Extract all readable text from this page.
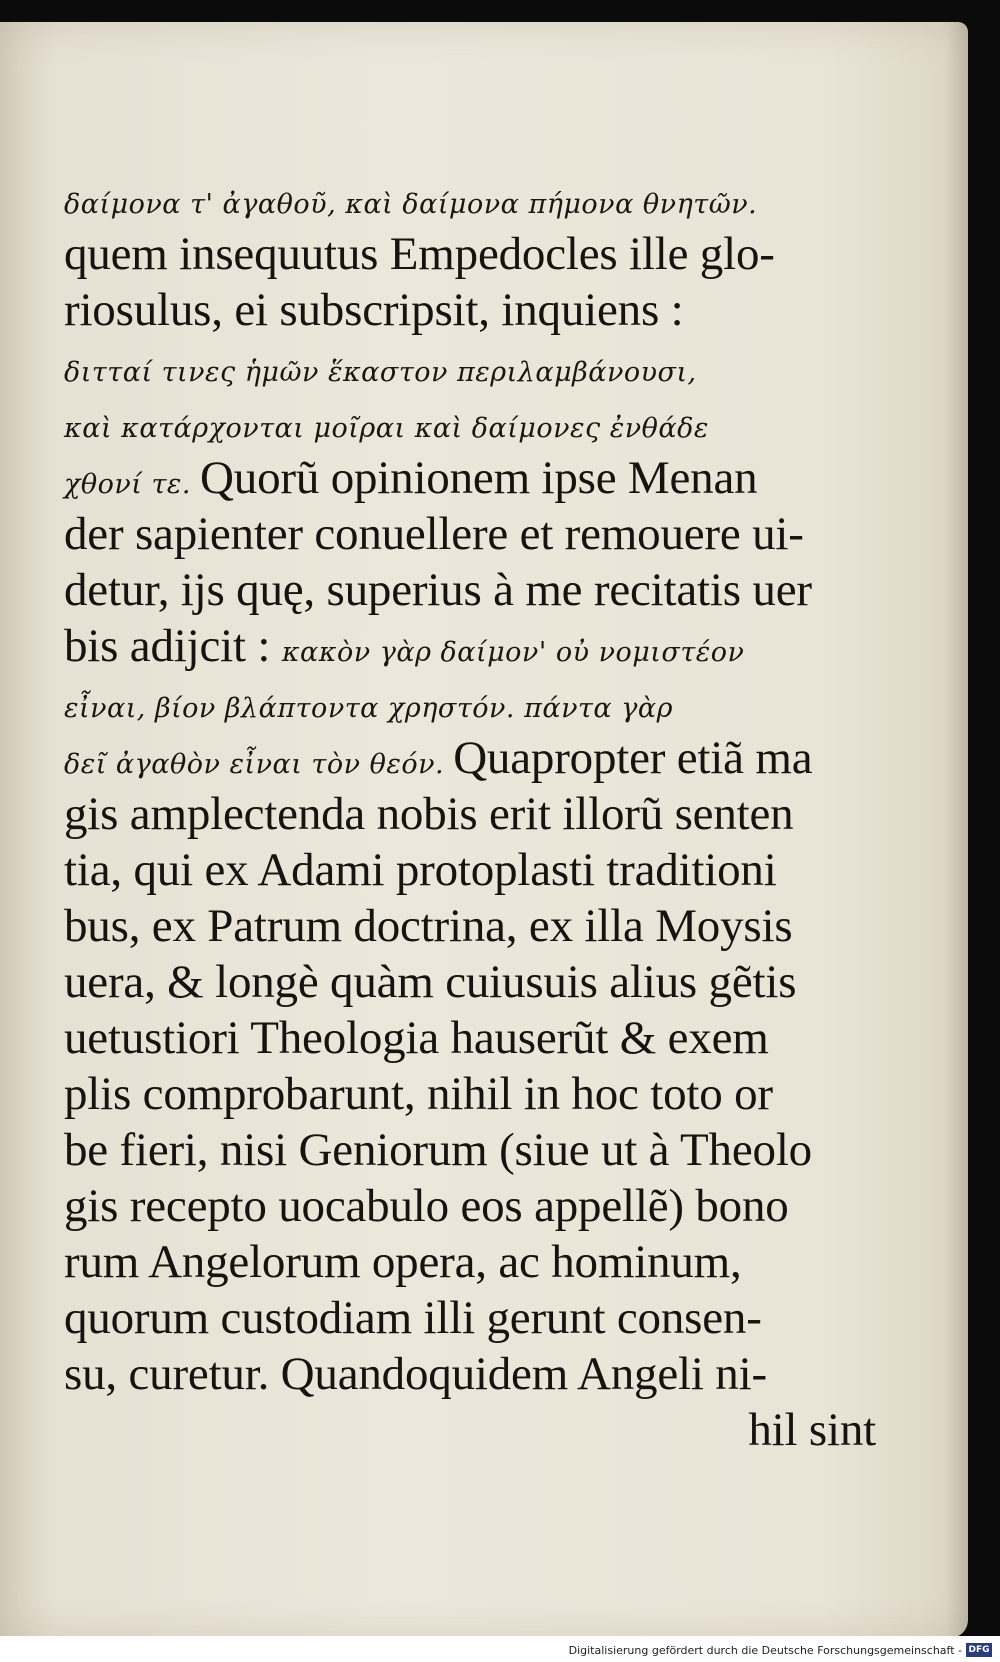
δαίμονα τ' ἀγαθοῦ, καὶ δαίμονα πήμονα θνητῶν.
quem insequutus Empedocles ille glo-
riosulus, ei subscripsit, inquiens :
διτταί τινες ἡμῶν ἕκαστον περιλαμβάνουσι,
καὶ κατάρχονται μοῖραι καὶ δαίμονες ἐνθάδε
χθονί τε. Quorũ opinionem ipse Menan
der sapienter conuellere et remouere ui-
detur, ijs quę, superius à me recitatis uer
bis adijcit : κακὸν γὰρ δαίμον' οὐ νομιστέον
εἶναι, βίον βλάπτοντα χρηστόν. πάντα γὰρ
δεῖ ἀγαθὸν εἶναι τὸν θεόν. Quapropter etiã ma
gis amplectenda nobis erit illorũ senten
tia, qui ex Adami protoplasti traditioni
bus, ex Patrum doctrina, ex illa Moysis
uera, & longè quàm cuiusuis alius gẽtis
uetustiori Theologia hauserũt & exem
plis comprobarunt, nihil in hoc toto or
be fieri, nisi Geniorum (siue ut à Theolo
gis recepto uocabulo eos appellẽ) bono
rum Angelorum opera, ac hominum,
quorum custodiam illi gerunt consen-
su, curetur. Quandoquidem Angeli ni-
hil sint
Digitalisierung gefördert durch die Deutsche Forschungsgemeinschaft - DFG
